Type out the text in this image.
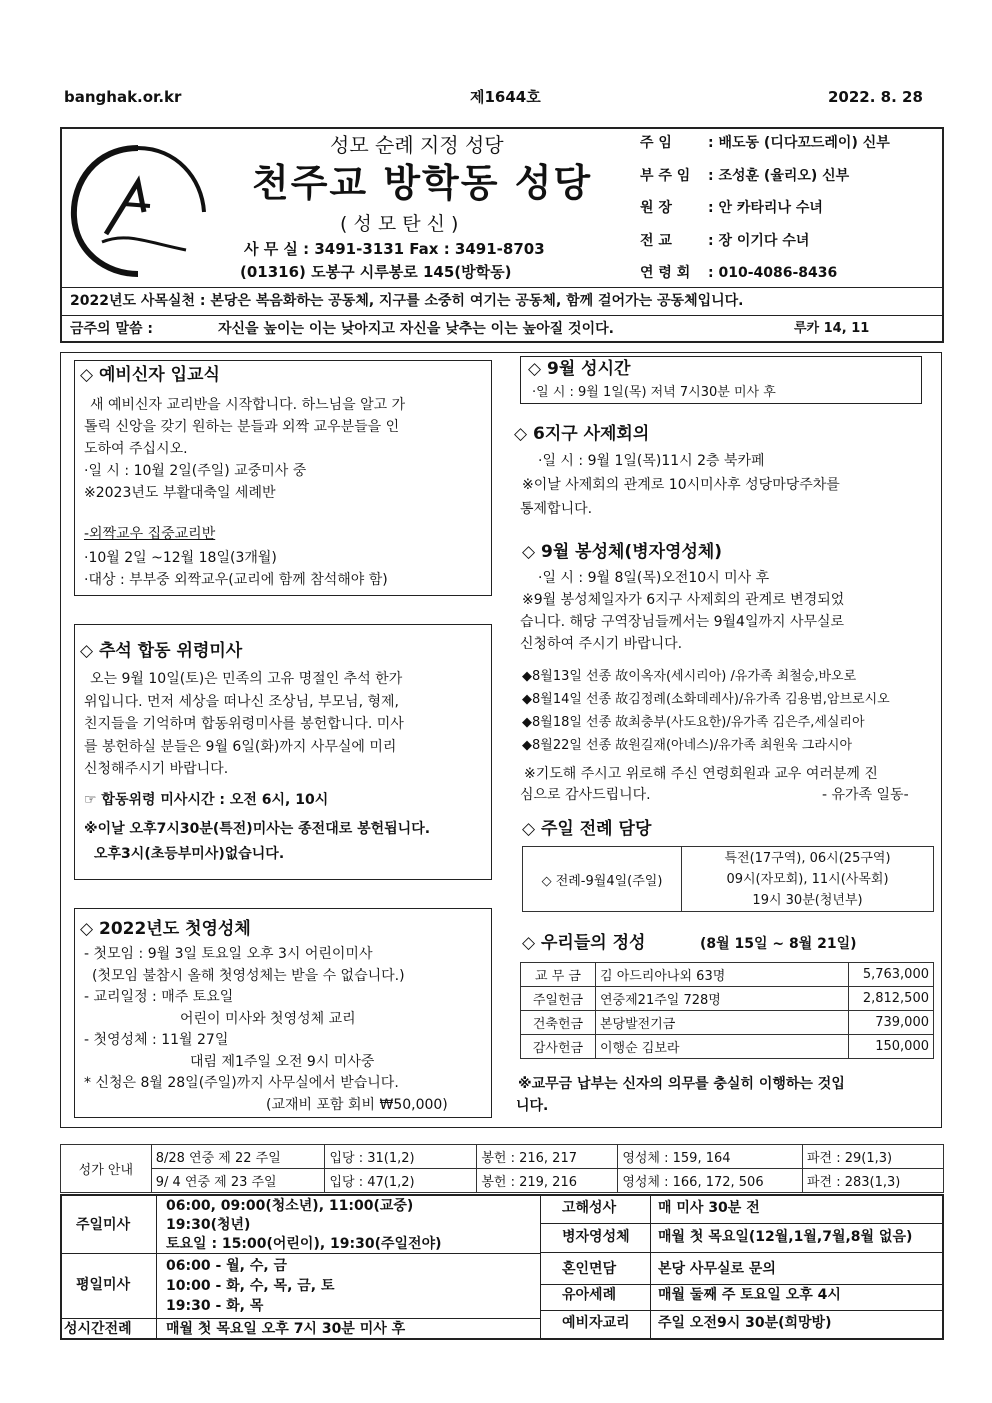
banghak.or.kr	제1644호	2022. 8. 28
성모 순례 지정 성당
천주교 방학동 성당
( 성 모 탄 신 )
사 무 실 : 3491-3131 Fax : 3491-8703
(01316) 도봉구 시루봉로 145(방학동)
주 임	: 배도동 (디다꼬드레이) 신부
부 주 임 : 조성훈 (율리오) 신부
원 장	: 안 카타리나 수녀
전 교	: 장 이기다 수녀
연 령 회 : 010-4086-8436
2022년도 사목실천 : 본당은 복음화하는 공동체, 지구를 소중히 여기는 공동체, 함께 걸어가는 공동체입니다.
금주의 말씀 :	자신을 높이는 이는 낮아지고 자신을 낮추는 이는 높아질 것이다.	루카 14, 11
◇ 예비신자 입교식
새 예비신자 교리반을 시작합니다. 하느님을 알고 가
톨릭 신앙을 갖기 원하는 분들과 외짝 교우분들을 인
도하여 주십시오.
·일 시 : 10월 2일(주일) 교중미사 중
※2023년도 부활대축일 세례반
-외짝교우 집중교리반
·10월 2일 ~12월 18일(3개월)
·대상 : 부부중 외짝교우(교리에 함께 참석해야 함)
◇ 추석 합동 위령미사
오는 9월 10일(토)은 민족의 고유 명절인 추석 한가
위입니다. 먼저 세상을 떠나신 조상님, 부모님, 형제,
친지들을 기억하며 합동위령미사를 봉헌합니다. 미사
를 봉헌하실 분들은 9월 6일(화)까지 사무실에 미리
신청해주시기 바랍니다.
☞ 합동위령 미사시간 : 오전 6시, 10시
※이날 오후7시30분(특전)미사는 종전대로 봉헌됩니다.
오후3시(초등부미사)없습니다.
◇ 2022년도 첫영성체
- 첫모임 : 9월 3일 토요일 오후 3시 어린이미사
(첫모임 불참시 올해 첫영성체는 받을 수 없습니다.)
- 교리일정 : 매주 토요일
어린이 미사와 첫영성체 교리
- 첫영성체 : 11월 27일
대림 제1주일 오전 9시 미사중
* 신청은 8월 28일(주일)까지 사무실에서 받습니다.
(교재비 포함 회비 ₩50,000)
◇ 9월 성시간
·일 시 : 9월 1일(목) 저녁 7시30분 미사 후
◇ 6지구 사제회의
·일 시 : 9월 1일(목)11시 2층 북카페
※이날 사제회의 관계로 10시미사후 성당마당주차를
통제합니다.
◇ 9월 봉성체(병자영성체)
·일 시 : 9월 8일(목)오전10시 미사 후
※9월 봉성체일자가 6지구 사제회의 관계로 변경되었
습니다. 해당 구역장님들께서는 9월4일까지 사무실로
신청하여 주시기 바랍니다.
◆8월13일 선종 故이옥자(세시리아) /유가족 최철승,바오로
◆8월14일 선종 故김정례(소화데레사)/유가족 김용범,암브로시오
◆8월18일 선종 故최충부(사도요한)/유가족 김은주,세실리아
◆8월22일 선종 故원길재(아네스)/유가족 최원욱 그라시아
※기도해 주시고 위로해 주신 연령회원과 교우 여러분께 진
심으로 감사드립니다.	- 유가족 일동-
◇ 주일 전례 담당
◇ 전례-9월4일(주일)	
특전(17구역), 06시(25구역)
09시(자모회), 11시(사목회)
19시 30분(청년부)
◇ 우리들의 정성	(8월 15일 ~ 8월 21일)
교 무 금	김 아드리아나외 63명	5,763,000
주일헌금	연중제21주일 728명	2,812,500
건축헌금	본당발전기금	739,000
감사헌금	이행순 김보라	150,000
※교무금 납부는 신자의 의무를 충실히 이행하는 것입
니다.
성가 안내	8/28 연중 제 22 주일	입당 : 31(1,2)	봉헌 : 216, 217	영성체 : 159, 164	파견 : 29(1,3)
	9/ 4 연중 제 23 주일	입당 : 47(1,2)	봉헌 : 219, 216	영성체 : 166, 172, 506	파견 : 283(1,3)
주일미사
06:00, 09:00(청소년), 11:00(교중)
19:30(청년)
토요일 : 15:00(어린이), 19:30(주일전야)
평일미사
06:00 - 월, 수, 금
10:00 - 화, 수, 목, 금, 토
19:30 - 화, 목
성시간전례 매월 첫 목요일 오후 7시 30분 미사 후
고해성사	매 미사 30분 전
병자영성체 매월 첫 목요일(12월,1월,7월,8월 없음)
혼인면담	본당 사무실로 문의
유아세례	매월 둘째 주 토요일 오후 4시
예비자교리 주일 오전9시 30분(희망방)
